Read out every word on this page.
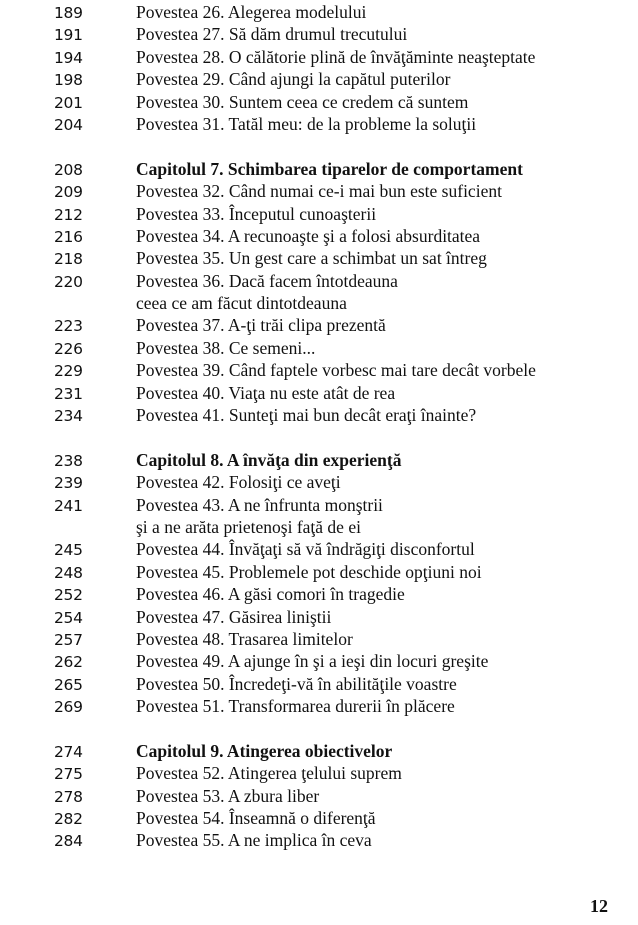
189	Povestea 26. Alegerea modelului
191	Povestea 27. Să dăm drumul trecutului
194	Povestea 28. O călătorie plină de învăţăminte neaşteptate
198	Povestea 29. Când ajungi la capătul puterilor
201	Povestea 30. Suntem ceea ce credem că suntem
204	Povestea 31. Tatăl meu: de la probleme la soluţii
208	Capitolul 7. Schimbarea tiparelor de comportament
209	Povestea 32. Când numai ce-i mai bun este suficient
212	Povestea 33. Începutul cunoaşterii
216	Povestea 34. A recunoaşte şi a folosi absurditatea
218	Povestea 35. Un gest care a schimbat un sat întreg
220	Povestea 36. Dacă facem întotdeauna
ceea ce am făcut dintotdeauna
223	Povestea 37. A-ţi trăi clipa prezentă
226	Povestea 38. Ce semeni...
229	Povestea 39. Când faptele vorbesc mai tare decât vorbele
231	Povestea 40. Viaţa nu este atât de rea
234	Povestea 41. Sunteţi mai bun decât eraţi înainte?
238	Capitolul 8. A învăţa din experienţă
239	Povestea 42. Folosiţi ce aveţi
241	Povestea 43. A ne înfrunta monştrii
şi a ne arăta prietenoşi faţă de ei
245	Povestea 44. Învăţaţi să vă îndrăgiţi disconfortul
248	Povestea 45. Problemele pot deschide opţiuni noi
252	Povestea 46. A găsi comori în tragedie
254	Povestea 47. Găsirea liniştii
257	Povestea 48. Trasarea limitelor
262	Povestea 49. A ajunge în şi a ieşi din locuri greşite
265	Povestea 50. Încredeţi-vă în abilităţile voastre
269	Povestea 51. Transformarea durerii în plăcere
274	Capitolul 9. Atingerea obiectivelor
275	Povestea 52. Atingerea ţelului suprem
278	Povestea 53. A zbura liber
282	Povestea 54. Înseamnă o diferenţă
284	Povestea 55. A ne implica în ceva
12
